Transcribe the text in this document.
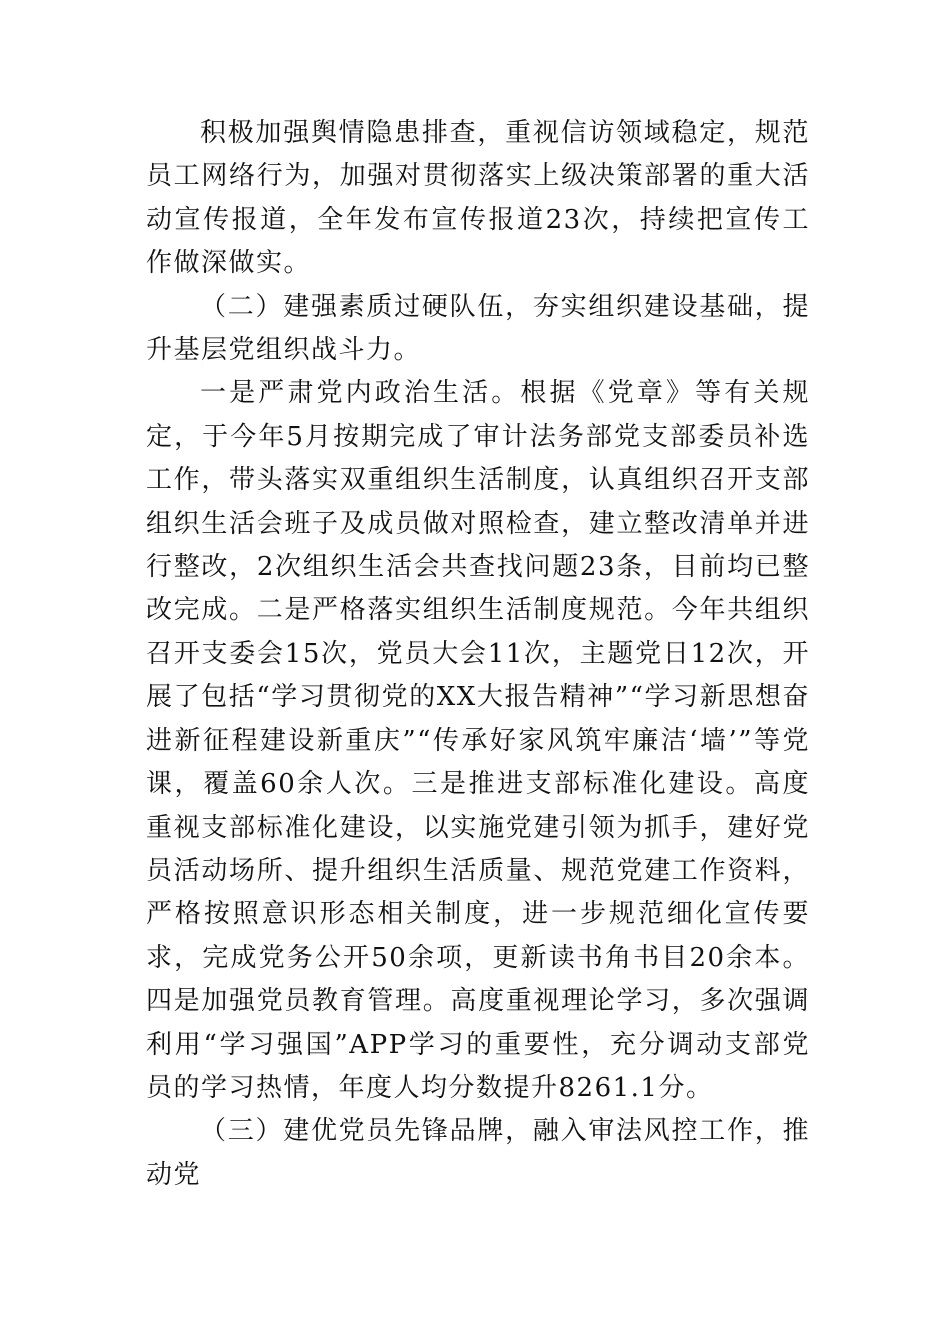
积极加强舆情隐患排查，重视信访领域稳定，规范员工网络行为，加强对贯彻落实上级决策部署的重大活动宣传报道，全年发布宣传报道23次，持续把宣传工作做深做实。

（二）建强素质过硬队伍，夯实组织建设基础，提升基层党组织战斗力。

一是严肃党内政治生活。根据《党章》等有关规定，于今年5月按期完成了审计法务部党支部委员补选工作，带头落实双重组织生活制度，认真组织召开支部组织生活会班子及成员做对照检查，建立整改清单并进行整改，2次组织生活会共查找问题23条，目前均已整改完成。二是严格落实组织生活制度规范。今年共组织召开支委会15次，党员大会11次，主题党日12次，开展了包括“学习贯彻党的XX大报告精神”“学习新思想奋进新征程建设新重庆”“传承好家风筑牢廉洁‘墙’”等党课，覆盖60余人次。三是推进支部标准化建设。高度重视支部标准化建设，以实施党建引领为抓手，建好党员活动场所、提升组织生活质量、规范党建工作资料，严格按照意识形态相关制度，进一步规范细化宣传要求，完成党务公开50余项，更新读书角书目20余本。四是加强党员教育管理。高度重视理论学习，多次强调利用“学习强国”APP学习的重要性，充分调动支部党员的学习热情，年度人均分数提升8261.1分。

（三）建优党员先锋品牌，融入审法风控工作，推动党
